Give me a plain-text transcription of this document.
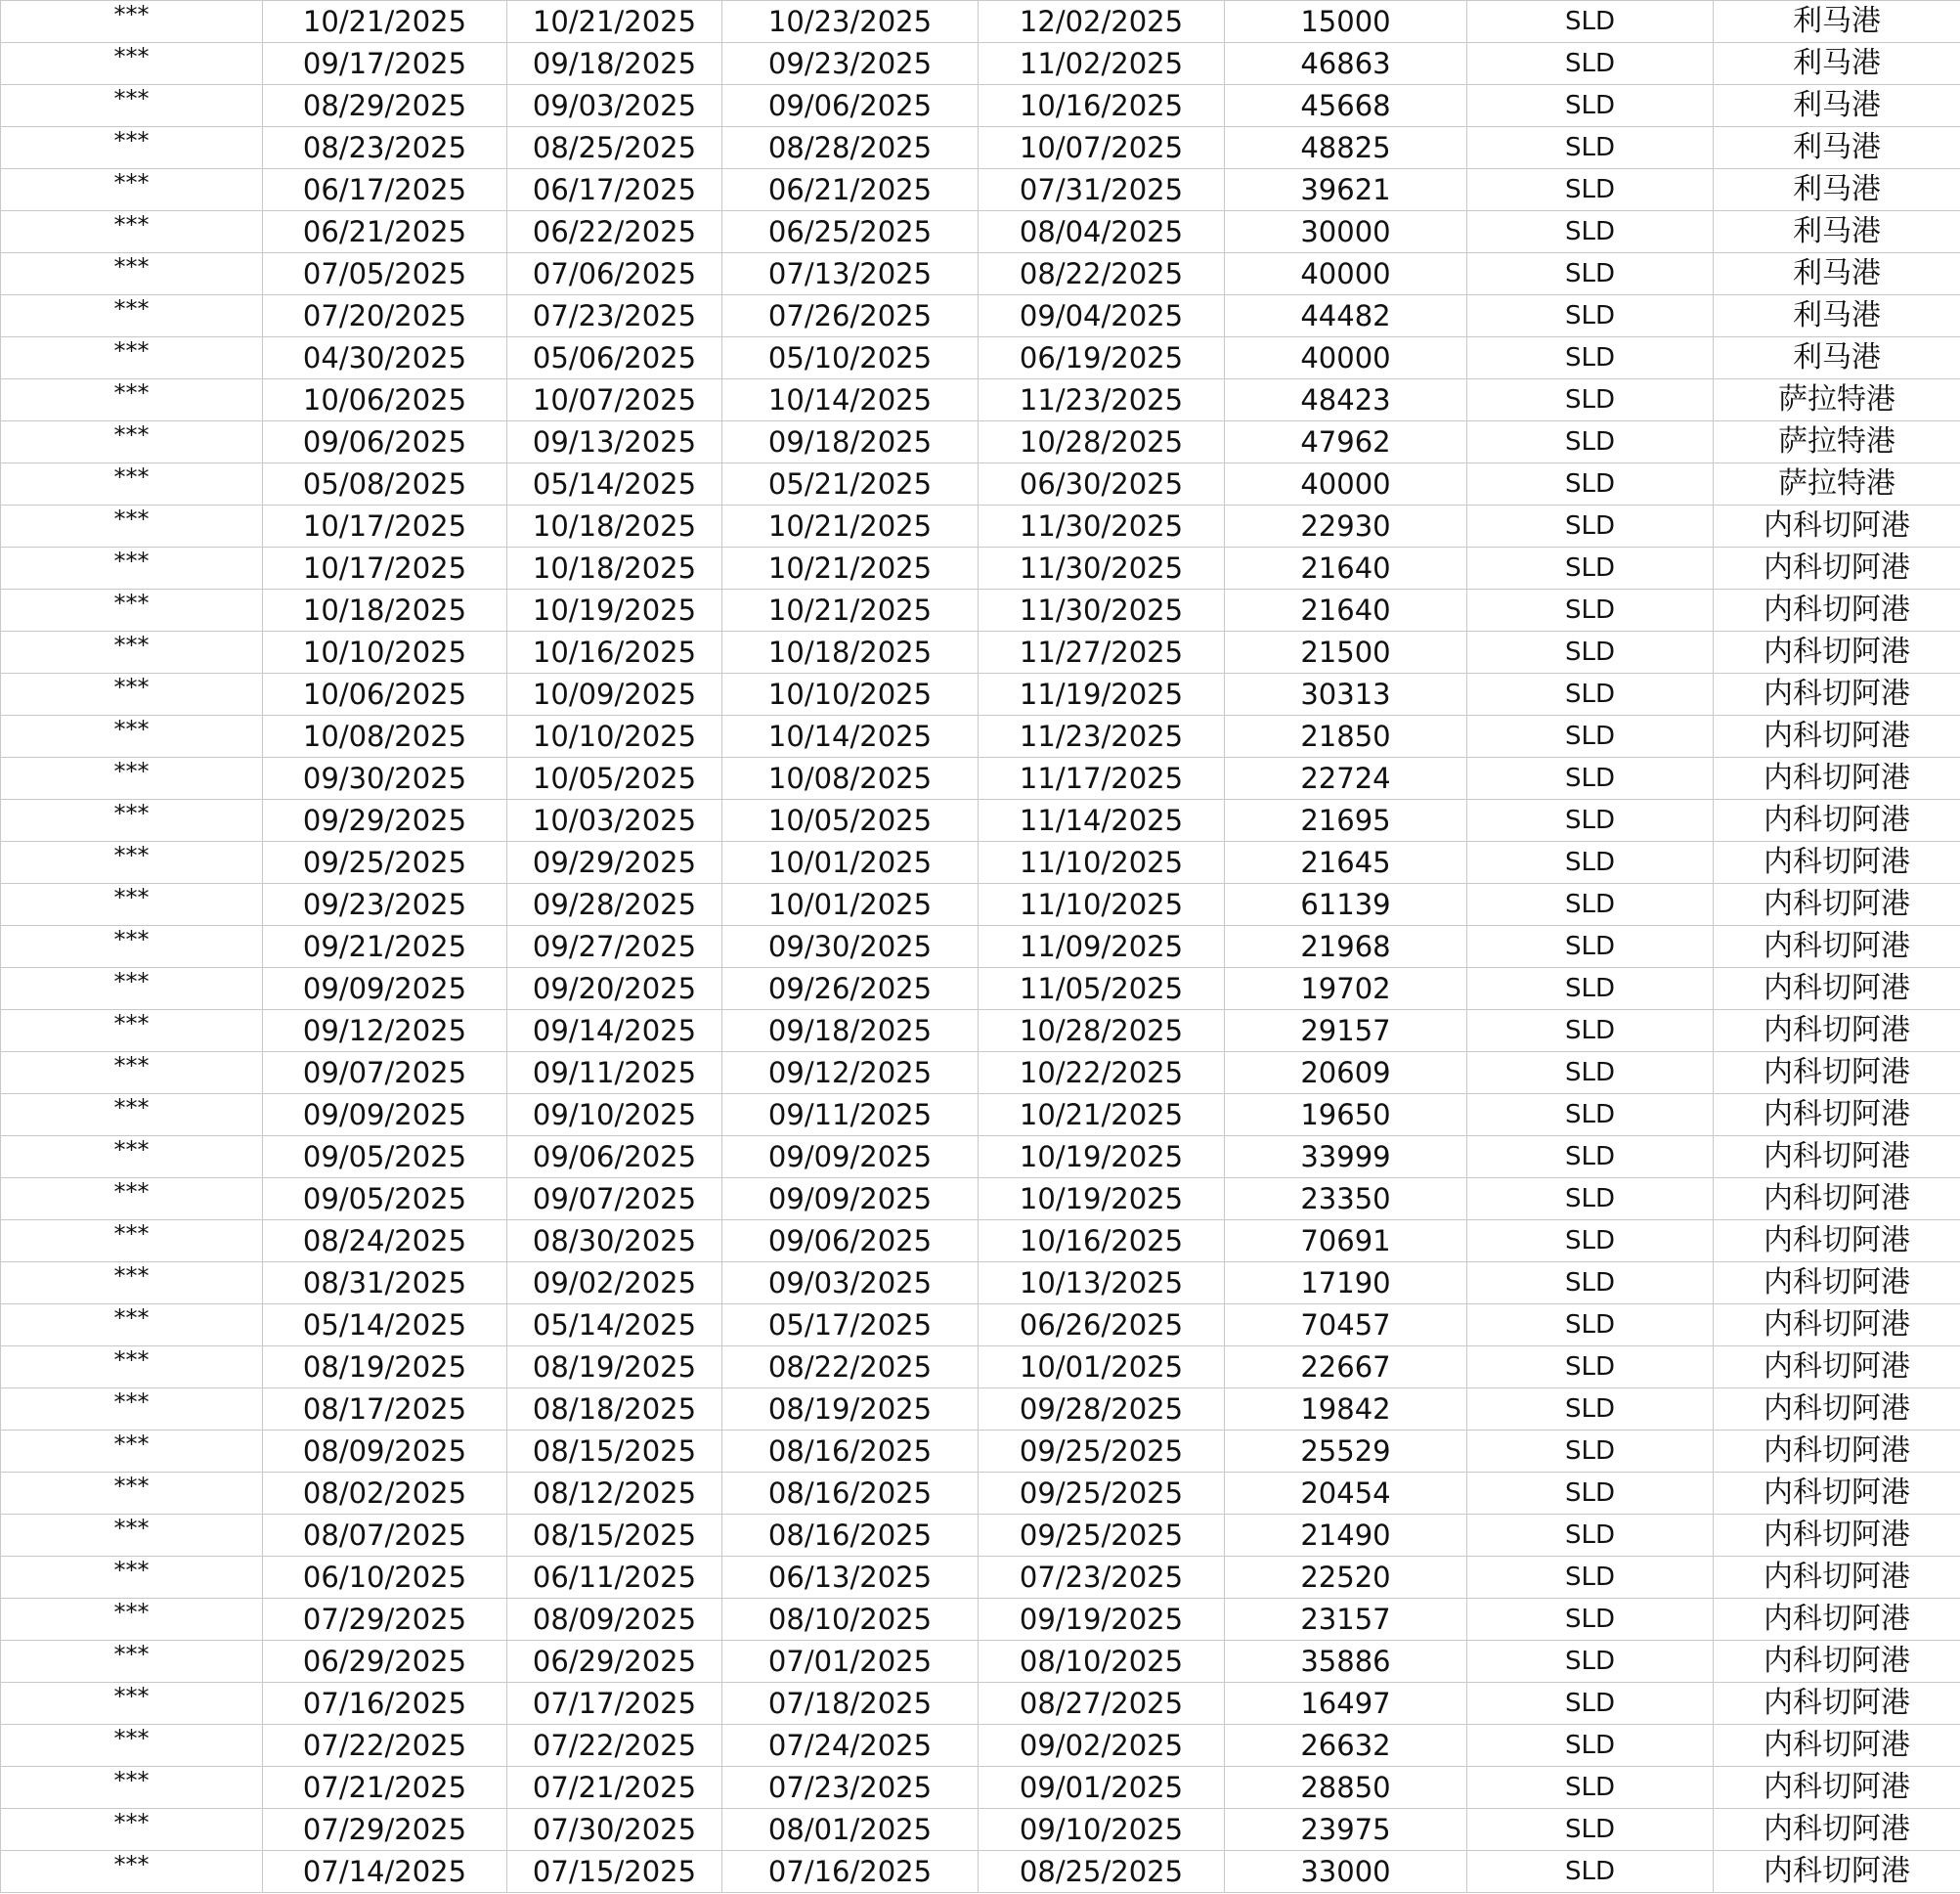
***	10/21/2025	10/21/2025	10/23/2025	12/02/2025	15000	SLD	利马港
***	09/17/2025	09/18/2025	09/23/2025	11/02/2025	46863	SLD	利马港
***	08/29/2025	09/03/2025	09/06/2025	10/16/2025	45668	SLD	利马港
***	08/23/2025	08/25/2025	08/28/2025	10/07/2025	48825	SLD	利马港
***	06/17/2025	06/17/2025	06/21/2025	07/31/2025	39621	SLD	利马港
***	06/21/2025	06/22/2025	06/25/2025	08/04/2025	30000	SLD	利马港
***	07/05/2025	07/06/2025	07/13/2025	08/22/2025	40000	SLD	利马港
***	07/20/2025	07/23/2025	07/26/2025	09/04/2025	44482	SLD	利马港
***	04/30/2025	05/06/2025	05/10/2025	06/19/2025	40000	SLD	利马港
***	10/06/2025	10/07/2025	10/14/2025	11/23/2025	48423	SLD	萨拉特港
***	09/06/2025	09/13/2025	09/18/2025	10/28/2025	47962	SLD	萨拉特港
***	05/08/2025	05/14/2025	05/21/2025	06/30/2025	40000	SLD	萨拉特港
***	10/17/2025	10/18/2025	10/21/2025	11/30/2025	22930	SLD	内科切阿港
***	10/17/2025	10/18/2025	10/21/2025	11/30/2025	21640	SLD	内科切阿港
***	10/18/2025	10/19/2025	10/21/2025	11/30/2025	21640	SLD	内科切阿港
***	10/10/2025	10/16/2025	10/18/2025	11/27/2025	21500	SLD	内科切阿港
***	10/06/2025	10/09/2025	10/10/2025	11/19/2025	30313	SLD	内科切阿港
***	10/08/2025	10/10/2025	10/14/2025	11/23/2025	21850	SLD	内科切阿港
***	09/30/2025	10/05/2025	10/08/2025	11/17/2025	22724	SLD	内科切阿港
***	09/29/2025	10/03/2025	10/05/2025	11/14/2025	21695	SLD	内科切阿港
***	09/25/2025	09/29/2025	10/01/2025	11/10/2025	21645	SLD	内科切阿港
***	09/23/2025	09/28/2025	10/01/2025	11/10/2025	61139	SLD	内科切阿港
***	09/21/2025	09/27/2025	09/30/2025	11/09/2025	21968	SLD	内科切阿港
***	09/09/2025	09/20/2025	09/26/2025	11/05/2025	19702	SLD	内科切阿港
***	09/12/2025	09/14/2025	09/18/2025	10/28/2025	29157	SLD	内科切阿港
***	09/07/2025	09/11/2025	09/12/2025	10/22/2025	20609	SLD	内科切阿港
***	09/09/2025	09/10/2025	09/11/2025	10/21/2025	19650	SLD	内科切阿港
***	09/05/2025	09/06/2025	09/09/2025	10/19/2025	33999	SLD	内科切阿港
***	09/05/2025	09/07/2025	09/09/2025	10/19/2025	23350	SLD	内科切阿港
***	08/24/2025	08/30/2025	09/06/2025	10/16/2025	70691	SLD	内科切阿港
***	08/31/2025	09/02/2025	09/03/2025	10/13/2025	17190	SLD	内科切阿港
***	05/14/2025	05/14/2025	05/17/2025	06/26/2025	70457	SLD	内科切阿港
***	08/19/2025	08/19/2025	08/22/2025	10/01/2025	22667	SLD	内科切阿港
***	08/17/2025	08/18/2025	08/19/2025	09/28/2025	19842	SLD	内科切阿港
***	08/09/2025	08/15/2025	08/16/2025	09/25/2025	25529	SLD	内科切阿港
***	08/02/2025	08/12/2025	08/16/2025	09/25/2025	20454	SLD	内科切阿港
***	08/07/2025	08/15/2025	08/16/2025	09/25/2025	21490	SLD	内科切阿港
***	06/10/2025	06/11/2025	06/13/2025	07/23/2025	22520	SLD	内科切阿港
***	07/29/2025	08/09/2025	08/10/2025	09/19/2025	23157	SLD	内科切阿港
***	06/29/2025	06/29/2025	07/01/2025	08/10/2025	35886	SLD	内科切阿港
***	07/16/2025	07/17/2025	07/18/2025	08/27/2025	16497	SLD	内科切阿港
***	07/22/2025	07/22/2025	07/24/2025	09/02/2025	26632	SLD	内科切阿港
***	07/21/2025	07/21/2025	07/23/2025	09/01/2025	28850	SLD	内科切阿港
***	07/29/2025	07/30/2025	08/01/2025	09/10/2025	23975	SLD	内科切阿港
***	07/14/2025	07/15/2025	07/16/2025	08/25/2025	33000	SLD	内科切阿港
